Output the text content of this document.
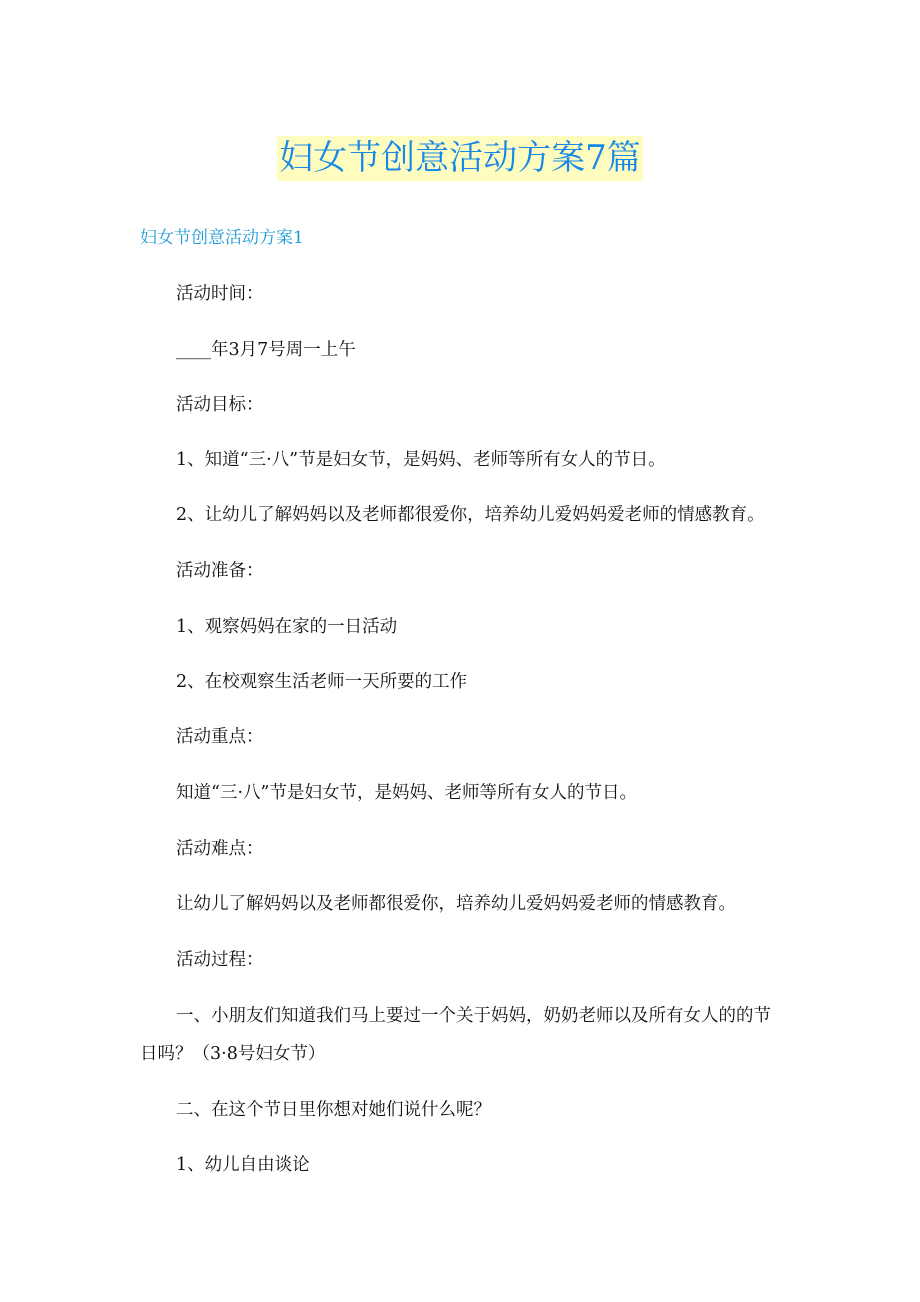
妇女节创意活动方案7篇
妇女节创意活动方案1
活动时间：
____年3月7号周一上午
活动目标：
1、知道“三·八”节是妇女节，是妈妈、老师等所有女人的节日。
2、让幼儿了解妈妈以及老师都很爱你，培养幼儿爱妈妈爱老师的情感教育。
活动准备：
1、观察妈妈在家的一日活动
2、在校观察生活老师一天所要的工作
活动重点：
知道“三·八”节是妇女节，是妈妈、老师等所有女人的节日。
活动难点：
让幼儿了解妈妈以及老师都很爱你，培养幼儿爱妈妈爱老师的情感教育。
活动过程：
一、小朋友们知道我们马上要过一个关于妈妈，奶奶老师以及所有女人的的节日吗？（3·8号妇女节）
二、在这个节日里你想对她们说什么呢？
1、幼儿自由谈论
